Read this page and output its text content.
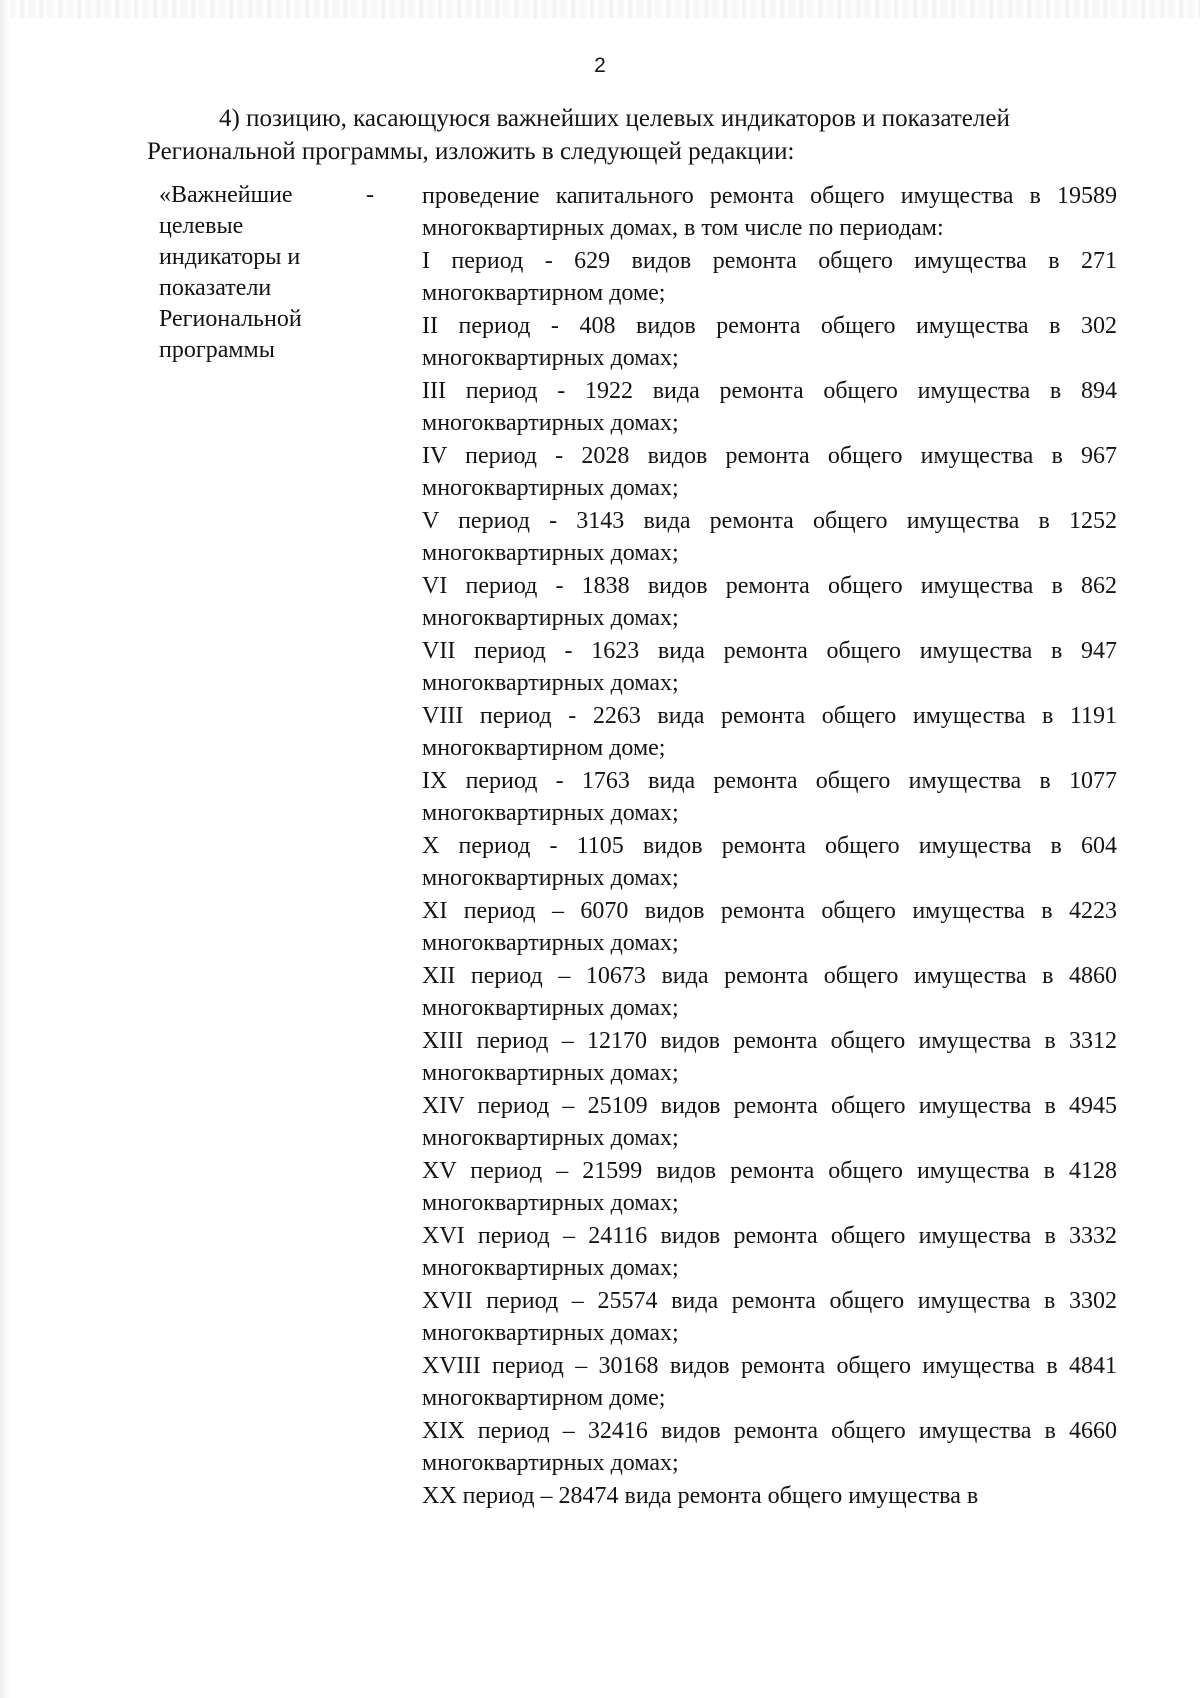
2
4) позицию, касающуюся важнейших целевых индикаторов и показателей
Региональной программы, изложить в следующей редакции:
«Важнейшие
целевые
индикаторы и
показатели
Региональной
программы
- проведение капитального ремонта общего имущества в 19589 многоквартирных домах, в том числе по периодам:

I период - 629 видов ремонта общего имущества в 271 многоквартирном доме;

II период - 408 видов ремонта общего имущества в 302 многоквартирных домах;

III период - 1922 вида ремонта общего имущества в 894 многоквартирных домах;

IV период - 2028 видов ремонта общего имущества в 967 многоквартирных домах;

V период - 3143 вида ремонта общего имущества в 1252 многоквартирных домах;

VI период - 1838 видов ремонта общего имущества в 862 многоквартирных домах;

VII период - 1623 вида ремонта общего имущества в 947 многоквартирных домах;

VIII период - 2263 вида ремонта общего имущества в 1191 многоквартирном доме;

IX период - 1763 вида ремонта общего имущества в 1077 многоквартирных домах;

X период - 1105 видов ремонта общего имущества в 604 многоквартирных домах;

XI период – 6070 видов ремонта общего имущества в 4223 многоквартирных домах;

XII период – 10673 вида ремонта общего имущества в 4860 многоквартирных домах;

XIII период – 12170 видов ремонта общего имущества в 3312 многоквартирных домах;

XIV период – 25109 видов ремонта общего имущества в 4945 многоквартирных домах;

XV период – 21599 видов ремонта общего имущества в 4128 многоквартирных домах;

XVI период – 24116 видов ремонта общего имущества в 3332 многоквартирных домах;

XVII период – 25574 вида ремонта общего имущества в 3302 многоквартирных домах;

XVIII период – 30168 видов ремонта общего имущества в 4841 многоквартирном доме;

XIX период – 32416 видов ремонта общего имущества в 4660 многоквартирных домах;

XX период – 28474 вида ремонта общего имущества в
